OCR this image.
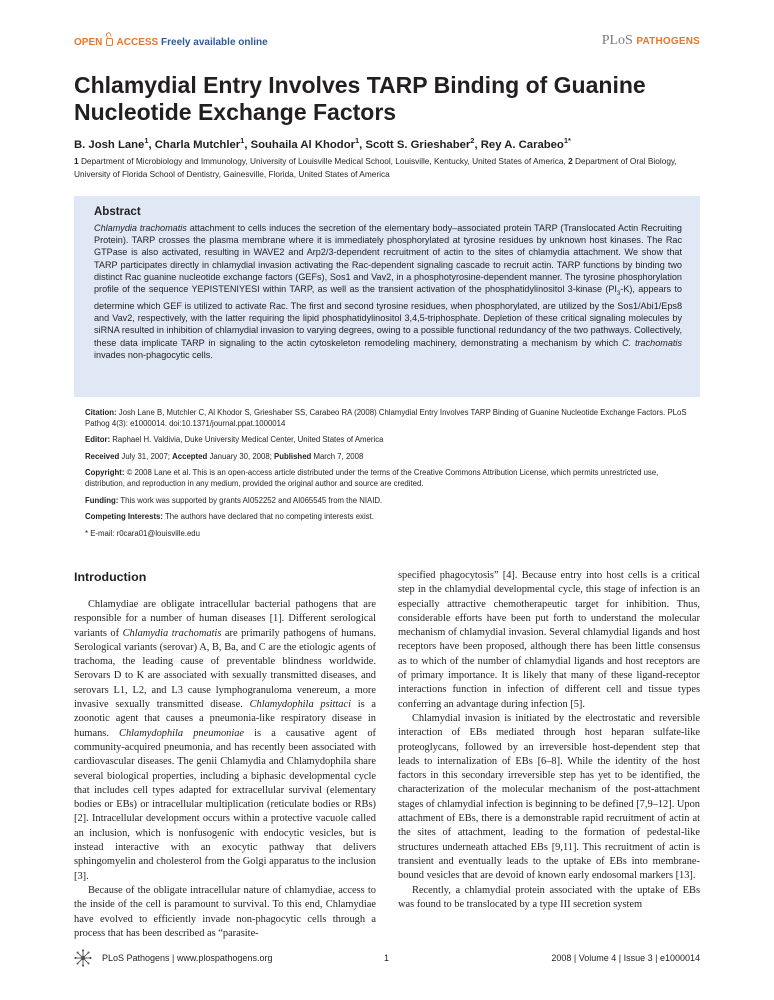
OPEN ACCESS Freely available online	PLoS PATHOGENS
Chlamydial Entry Involves TARP Binding of Guanine Nucleotide Exchange Factors
B. Josh Lane$^1$, Charla Mutchler$^1$, Souhaila Al Khodor$^1$, Scott S. Grieshaber$^2$, Rey A. Carabeo$^{1*}$
1 Department of Microbiology and Immunology, University of Louisville Medical School, Louisville, Kentucky, United States of America, 2 Department of Oral Biology, University of Florida School of Dentistry, Gainesville, Florida, United States of America
Abstract

Chlamydia trachomatis attachment to cells induces the secretion of the elementary body–associated protein TARP (Translocated Actin Recruiting Protein). TARP crosses the plasma membrane where it is immediately phosphorylated at tyrosine residues by unknown host kinases. The Rac GTPase is also activated, resulting in WAVE2 and Arp2/3-dependent recruitment of actin to the sites of chlamydia attachment. We show that TARP participates directly in chlamydial invasion activating the Rac-dependent signaling cascade to recruit actin. TARP functions by binding two distinct Rac guanine nucleotide exchange factors (GEFs), Sos1 and Vav2, in a phosphotyrosine-dependent manner. The tyrosine phosphorylation profile of the sequence YEPISTENIYESI within TARP, as well as the transient activation of the phosphatidylinositol 3-kinase $(PI_3-K)$, appears to determine which GEF is utilized to activate Rac. The first and second tyrosine residues, when phosphorylated, are utilized by the Sos1/Abi1/Eps8 and Vav2, respectively, with the latter requiring the lipid phosphatidylinositol 3,4,5-triphosphate. Depletion of these critical signaling molecules by siRNA resulted in inhibition of chlamydial invasion to varying degrees, owing to a possible functional redundancy of the two pathways. Collectively, these data implicate TARP in signaling to the actin cytoskeleton remodeling machinery, demonstrating a mechanism by which C. trachomatis invades non-phagocytic cells.

Citation: Josh Lane B, Mutchler C, Al Khodor S, Grieshaber SS, Carabeo RA (2008) Chlamydial Entry Involves TARP Binding of Guanine Nucleotide Exchange Factors. PLoS Pathog 4(3): e1000014. doi:10.1371/journal.ppat.1000014

Editor: Raphael H. Valdivia, Duke University Medical Center, United States of America

Received July 31, 2007; Accepted January 30, 2008; Published March 7, 2008

Copyright: © 2008 Lane et al. This is an open-access article distributed under the terms of the Creative Commons Attribution License, which permits unrestricted use, distribution, and reproduction in any medium, provided the original author and source are credited.

Funding: This work was supported by grants AI052252 and AI065545 from the NIAID.

Competing Interests: The authors have declared that no competing interests exist.

* E-mail: r0cara01@louisville.edu

Introduction

Chlamydiae are obligate intracellular bacterial pathogens that are responsible for a number of human diseases [1]. Different serological variants of Chlamydia trachomatis are primarily pathogens of humans. Serological variants (serovar) A, B, Ba, and C are the etiologic agents of trachoma, the leading cause of preventable blindness worldwide. Serovars D to K are associated with sexually transmitted diseases, and serovars L1, L2, and L3 cause lymphogranuloma venereum, a more invasive sexually transmitted disease. Chlamydophila psittaci is a zoonotic agent that causes a pneumonia-like respiratory disease in humans. Chlamydophila pneumoniae is a causative agent of community-acquired pneumonia, and has recently been associated with cardiovascular diseases. The genii Chlamydia and Chlamydophila share several biological properties, including a biphasic developmental cycle that includes cell types adapted for extracellular survival (elementary bodies or EBs) or intracellular multiplication (reticulate bodies or RBs) [2]. Intracellular development occurs within a protective vacuole called an inclusion, which is nonfusogenic with endocytic vesicles, but is instead interactive with an exocytic pathway that delivers sphingomyelin and cholesterol from the Golgi apparatus to the inclusion [3].

Because of the obligate intracellular nature of chlamydiae, access to the inside of the cell is paramount to survival. To this end, Chlamydiae have evolved to efficiently invade non-phagocytic cells through a process that has been described as “parasite-

specified phagocytosis” [4]. Because entry into host cells is a critical step in the chlamydial developmental cycle, this stage of infection is an especially attractive chemotherapeutic target for inhibition. Thus, considerable efforts have been put forth to understand the molecular mechanism of chlamydial invasion. Several chlamydial ligands and host receptors have been proposed, although there has been little consensus as to which of the number of chlamydial ligands and host receptors are of primary importance. It is likely that many of these ligand-receptor interactions function in infection of different cell and tissue types conferring an advantage during infection [5].

Chlamydial invasion is initiated by the electrostatic and reversible interaction of EBs mediated through host heparan sulfate-like proteoglycans, followed by an irreversible host-dependent step that leads to internalization of EBs [6–8]. While the identity of the host factors in this secondary irreversible step has yet to be identified, the characterization of the molecular mechanism of the post-attachment stages of chlamydial infection is beginning to be defined [7,9–12]. Upon attachment of EBs, there is a demonstrable rapid recruitment of actin at the sites of attachment, leading to the formation of pedestal-like structures underneath attached EBs [9,11]. This recruitment of actin is transient and eventually leads to the uptake of EBs into membrane-bound vesicles that are devoid of known early endosomal markers [13].

Recently, a chlamydial protein associated with the uptake of EBs was found to be translocated by a type III secretion system

PLoS Pathogens | www.plospathogens.org	1	2008 | Volume 4 | Issue 3 | e1000014
